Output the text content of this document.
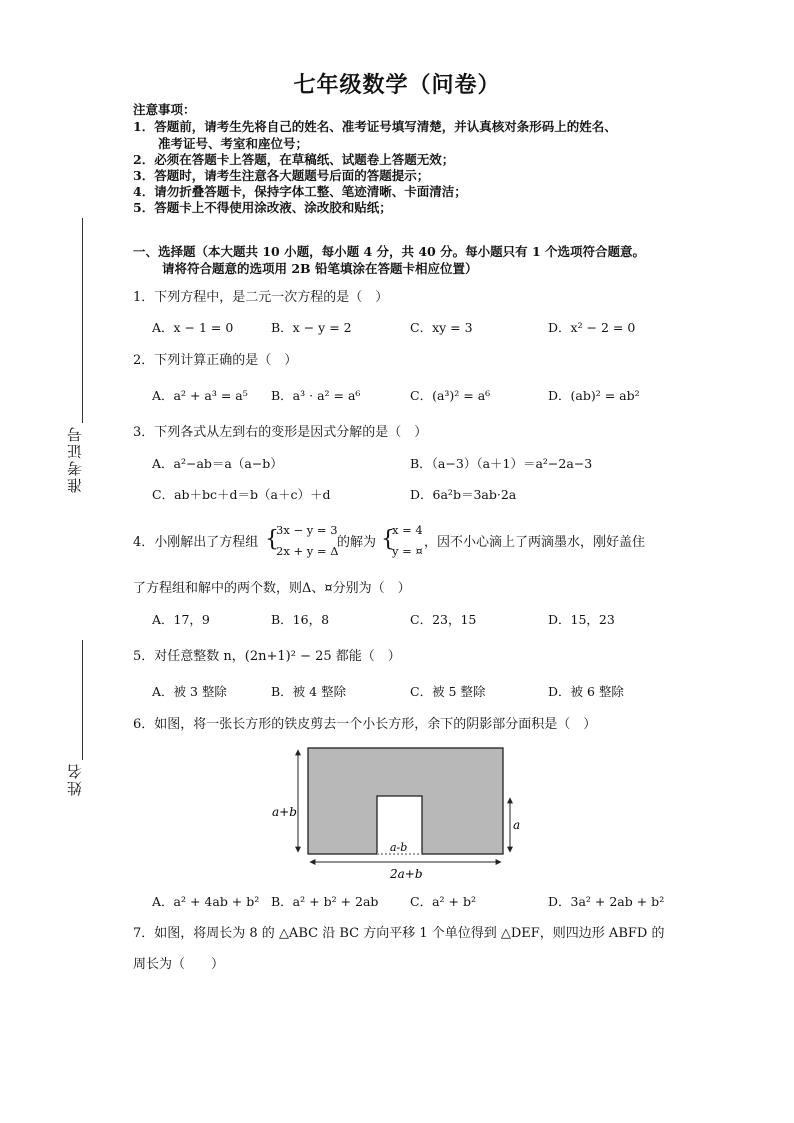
七年级数学（问卷）
注意事项：
1．答题前，请考生先将自己的姓名、准考证号填写清楚，并认真核对条形码上的姓名、
　　准考证号、考室和座位号；
2．必须在答题卡上答题，在草稿纸、试题卷上答题无效；
3．答题时，请考生注意各大题题号后面的答题提示；
4．请勿折叠答题卡，保持字体工整、笔迹清晰、卡面清洁；
5．答题卡上不得使用涂改液、涂改胶和贴纸；
准考证号
姓名
一、选择题（本大题共 10 小题，每小题 4 分，共 40 分。每小题只有 1 个选项符合题意。
请将符合题意的选项用 2B 铅笔填涂在答题卡相应位置）
1．下列方程中，是二元一次方程的是（　）
A．x − 1 = 0	B．x − y = 2	C．xy = 3	D．x² − 2 = 0
2．下列计算正确的是（　）
A．a² + a³ = a⁵ B．a³ · a² = a⁶	C．(a³)² = a⁶	D．(ab)² = ab²
3．下列各式从左到右的变形是因式分解的是（　）
A．a²−ab＝a（a−b）	B．（a−3）（a＋1）＝a²−2a−3
C．ab＋bc＋d＝b（a＋c）＋d	D．6a²b＝3ab·2a
4．小刚解出了方程组 {
3x − y = 3
2x + y = Δ
的解为 {
x = 4
y = ¤
，因不小心滴上了两滴墨水，刚好盖住
了方程组和解中的两个数，则Δ、¤分别为（　）
A．17，9	B．16，8	C．23，15	D．15，23
5．对任意整数 n，(2n+1)² − 25 都能（　）
A．被 3 整除	B．被 4 整除	C．被 5 整除	D．被 6 整除
6．如图，将一张长方形的铁皮剪去一个小长方形，余下的阴影部分面积是（　）
a+b
a
a-b
2a+b
A．a² + 4ab + b² B．a² + b² + 2ab	C．a² + b²	D．3a² + 2ab + b²
7．如图，将周长为 8 的 △ABC 沿 BC 方向平移 1 个单位得到 △DEF，则四边形 ABFD 的
周长为（　　）
